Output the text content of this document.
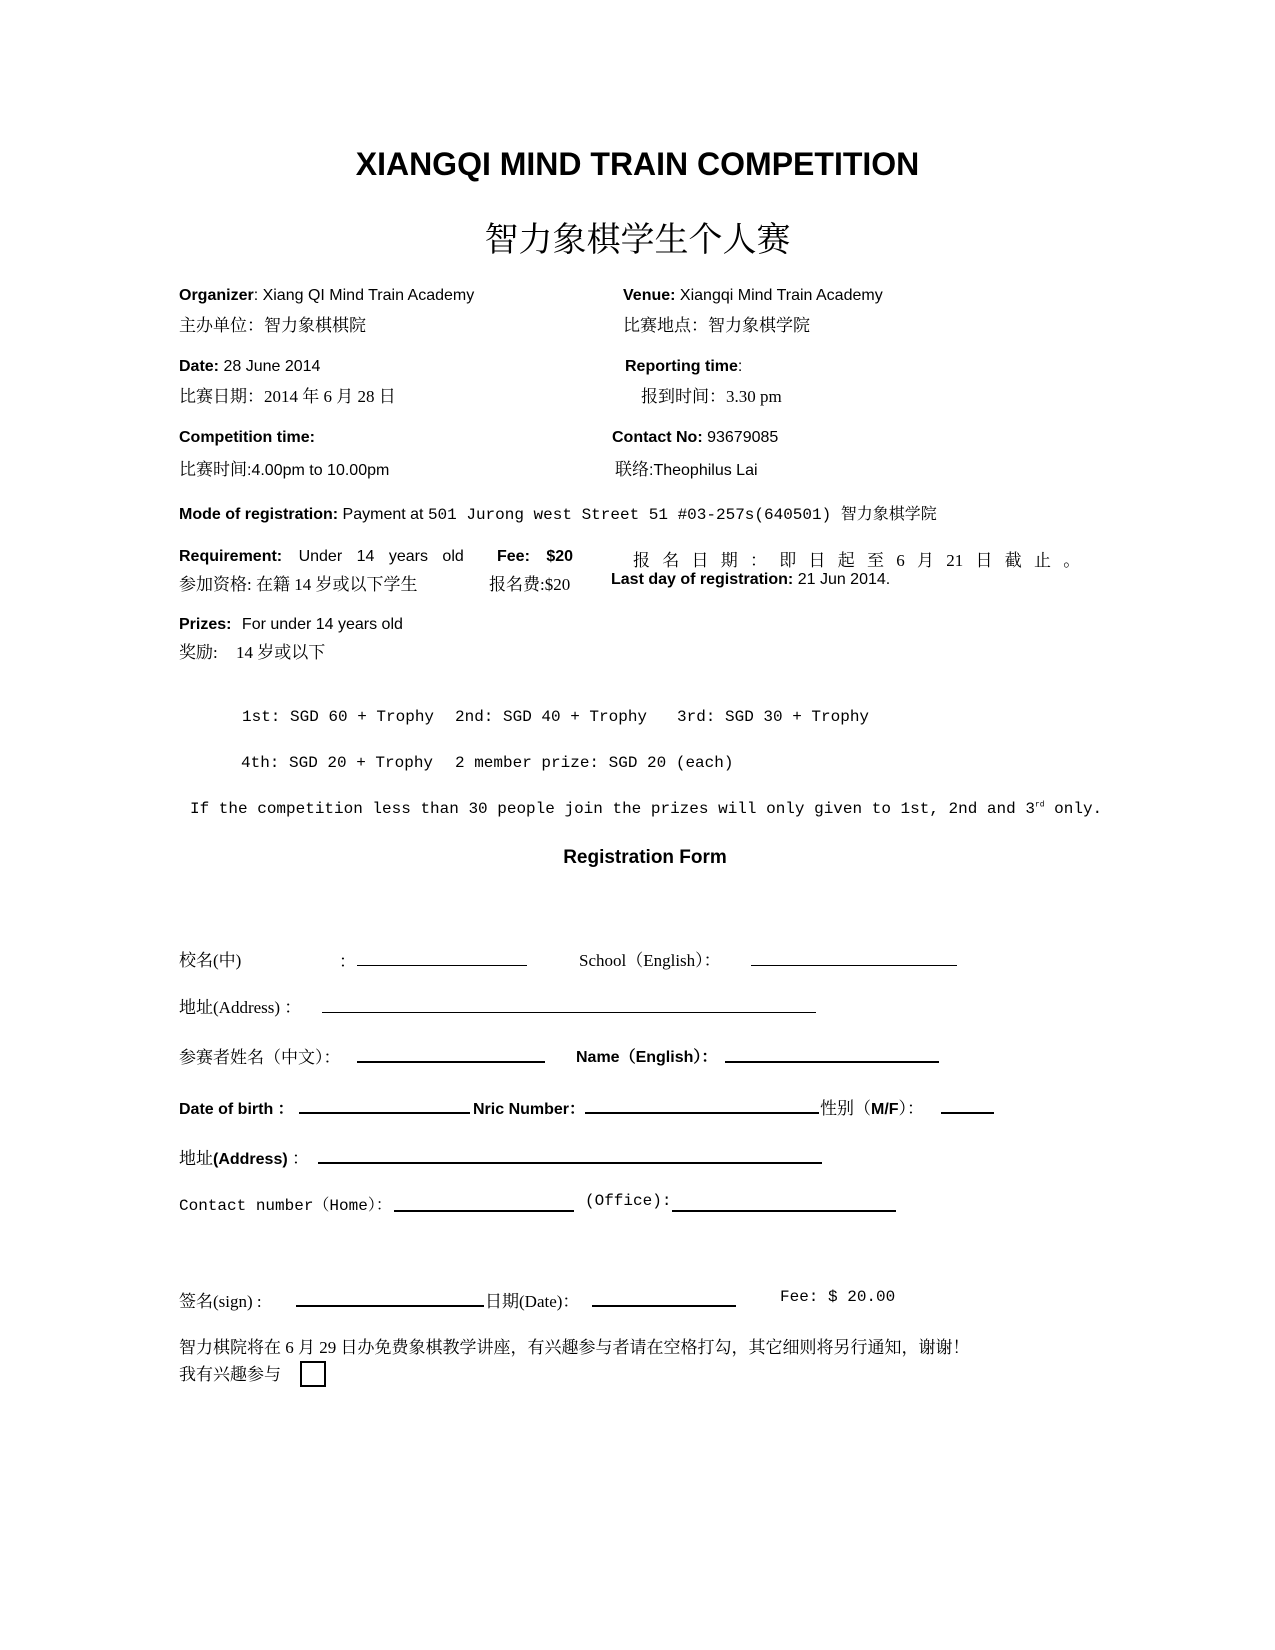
XIANGQI MIND TRAIN COMPETITION
智力象棋学生个人赛
Organizer: Xiang QI Mind Train Academy
主办单位：智力象棋棋院
Venue: Xiangqi Mind Train Academy
比赛地点：智力象棋学院
Date: 28 June 2014
比赛日期：2014 年 6 月 28 日
Reporting time:
报到时间：3.30 pm
Competition time:
比赛时间:4.00pm to 10.00pm
Contact No: 93679085
联络:Theophilus Lai
Mode of registration: Payment at 501 Jurong west Street 51 #03-257s(640501) 智力象棋学院
Requirement: Under 14 years old Fee: $20	报 名 日 期 ： 即 日 起 至 6 月 21 日 截 止 。
参加资格: 在籍 14 岁或以下学生	报名费:$20	Last day of registration: 21 Jun 2014.
Prizes: For under 14 years old
奖励: 14 岁或以下
1st: SGD 60 + Trophy 2nd: SGD 40 + Trophy 3rd: SGD 30 + Trophy
4th: SGD 20 + Trophy 2 member prize: SGD 20 (each)
If the competition less than 30 people join the prizes will only given to 1st, 2nd and 3rd only.
Registration Form
校名(中)	：	School（English）：
地址(Address) ：
参赛者姓名（中文）：	Name（English）：
Date of birth ：	Nric Number：	性别（M/F）：
地址(Address) ：
Contact number（Home）：	(Office):
签名(sign) :	日期(Date)：	Fee: $ 20.00
智力棋院将在 6 月 29 日办免费象棋教学讲座，有兴趣参与者请在空格打勾，其它细则将另行通知，谢谢！
我有兴趣参与
